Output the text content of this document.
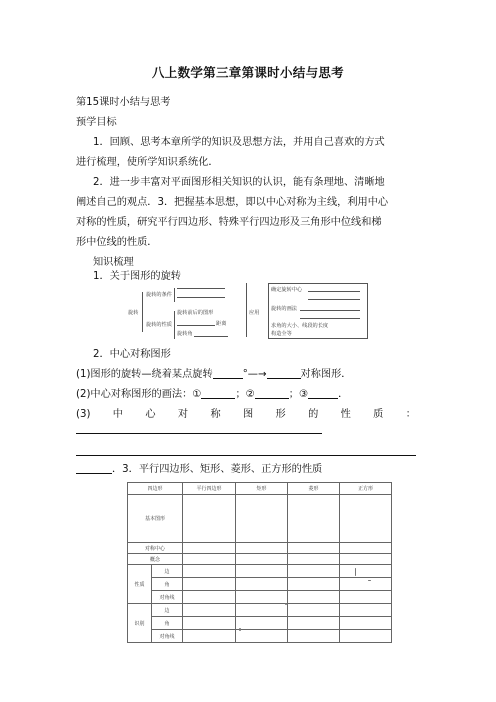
八上数学第三章第课时小结与思考
第15课时小结与思考
预学目标
1．回顾、思考本章所学的知识及思想方法，并用自己喜欢的方式
进行梳理，使所学知识系统化．
2．进一步丰富对平面图形相关知识的认识，能有条理地、清晰地
阐述自己的观点．3．把握基本思想，即以中心对称为主线，利用中心
对称的性质，研究平行四边形、特殊平行四边形及三角形中位线和梯
形中位线的性质．
知识梳理
1．关于图形的旋转
旋转
旋转的条件
旋转的性质
旋转前后的图形
距离
旋转角
应用
确定旋转中心
旋转的画法
求角的大小、线段的长度
构造全等
2．中心对称图形
(1)图形的旋转—绕着某点旋转	°—→	对称图形．
(2)中心对称图形的画法：①	；②	；③	．
(3) 中 心 对 称 图 形 的 性 质 ：
．3．平行四边形、矩形、菱形、正方形的性质
四边形		平行四边形	矩形	菱形	正方形
基本图形					
对称中心					
概念					
性质	边				
	角				
	对角线				
识别	边				
	角				
	对角线				
